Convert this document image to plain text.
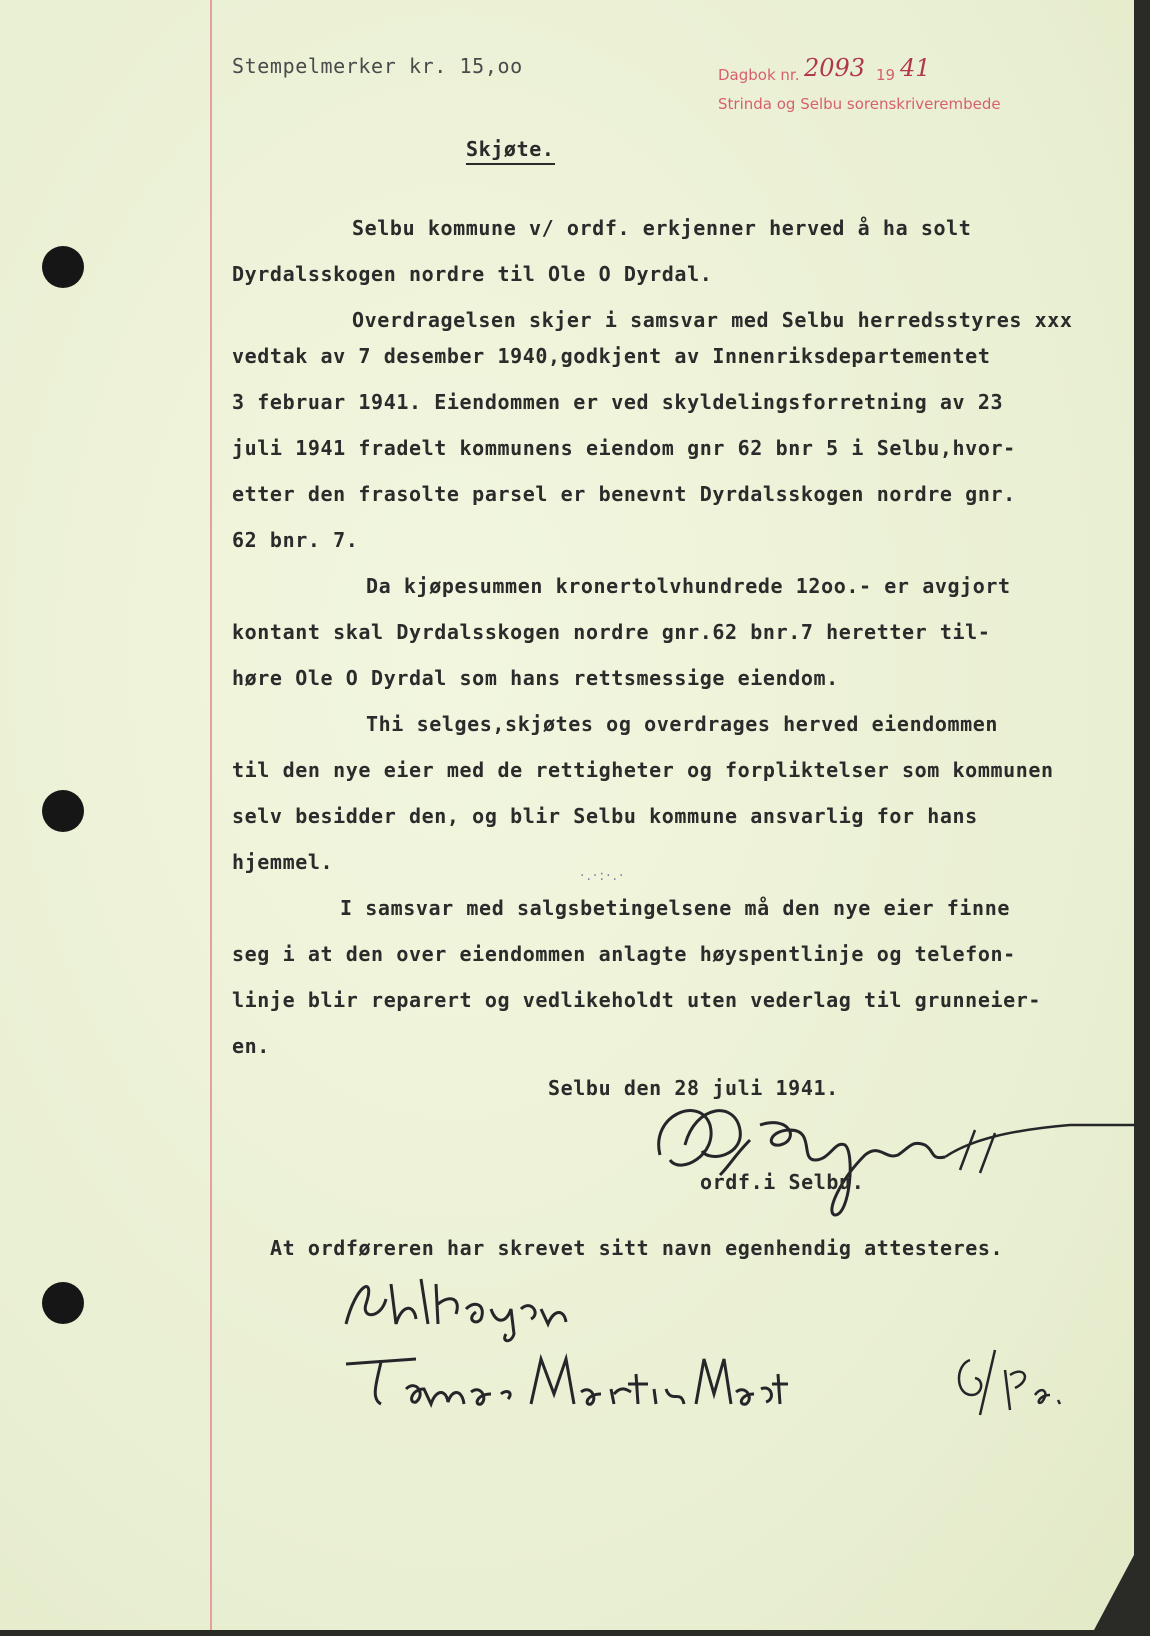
Stempelmerker kr. 15,oo	Dagbok nr. 2093 19 41
Strinda og Selbu sorenskriverembede
Skjøte.
Selbu kommune v/ ordf. erkjenner herved å ha solt
Dyrdalsskogen nordre til Ole O Dyrdal.
Overdragelsen skjer i samsvar med Selbu herredsstyres xxx
vedtak av 7 desember 1940,godkjent av Innenriksdepartementet
3 februar 1941. Eiendommen er ved skyldelingsforretning av 23
juli 1941 fradelt kommunens eiendom gnr 62 bnr 5 i Selbu,hvor-
etter den frasolte parsel er benevnt Dyrdalsskogen nordre gnr.
62 bnr. 7.
Da kjøpesummen kronertolvhundrede 12oo.- er avgjort
kontant skal Dyrdalsskogen nordre gnr.62 bnr.7 heretter til-
høre Ole O Dyrdal som hans rettsmessige eiendom.
Thi selges,skjøtes og overdrages herved eiendommen
til den nye eier med de rettigheter og forpliktelser som kommunen
selv besidder den, og blir Selbu kommune ansvarlig for hans
hjemmel.
I samsvar med salgsbetingelsene må den nye eier finne
seg i at den over eiendommen anlagte høyspentlinje og telefon-
linje blir reparert og vedlikeholdt uten vederlag til grunneier-
en.
Selbu den 28 juli 1941.
ordf.i Selbu.
At ordføreren har skrevet sitt navn egenhendig attesteres.
·.·:·.·
